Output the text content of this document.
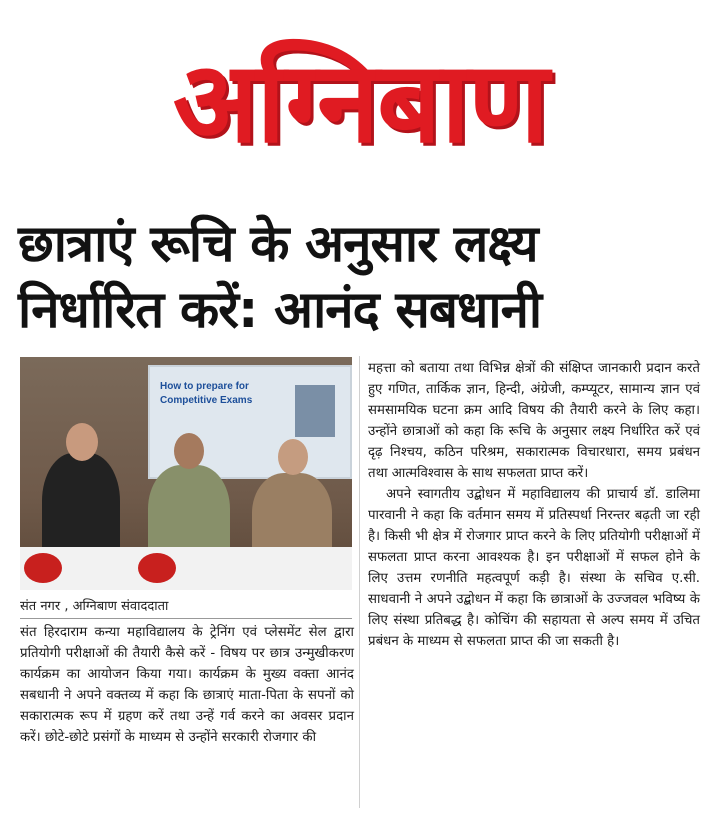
अग्निबाण
छात्राएं रूचि के अनुसार लक्ष्य
निर्धारित करें: आनंद सबधानी
How to prepare for
Competitive Exams
संत नगर , अग्निबाण संवाददाता

संत हिरदाराम कन्या महाविद्यालय के ट्रेनिंग एवं प्लेसमेंट सेल द्वारा प्रतियोगी परीक्षाओं की तैयारी कैसे करें - विषय पर छात्र उन्मुखीकरण कार्यक्रम का आयोजन किया गया। कार्यक्रम के मुख्य वक्ता आनंद सबधानी ने अपने वक्तव्य में कहा कि छात्राएं माता-पिता के सपनों को सकारात्मक रूप में ग्रहण करें तथा उन्हें गर्व करने का अवसर प्रदान करें। छोटे-छोटे प्रसंगों के माध्यम से उन्होंने सरकारी रोजगार की

महत्ता को बताया तथा विभिन्न क्षेत्रों की संक्षिप्त जानकारी प्रदान करते हुए गणित, तार्किक ज्ञान, हिन्दी, अंग्रेजी, कम्प्यूटर, सामान्य ज्ञान एवं समसामयिक घटना क्रम आदि विषय की तैयारी करने के लिए कहा। उन्होंने छात्राओं को कहा कि रूचि के अनुसार लक्ष्य निर्धारित करें एवं दृढ़ निश्चय, कठिन परिश्रम, सकारात्मक विचारधारा, समय प्रबंधन तथा आत्मविश्वास के साथ सफलता प्राप्त करें।

अपने स्वागतीय उद्बोधन में महाविद्यालय की प्राचार्य डॉ. डालिमा पारवानी ने कहा कि वर्तमान समय में प्रतिस्पर्धा निरन्तर बढ़ती जा रही है। किसी भी क्षेत्र में रोजगार प्राप्त करने के लिए प्रतियोगी परीक्षाओं में सफलता प्राप्त करना आवश्यक है। इन परीक्षाओं में सफल होने के लिए उत्तम रणनीति महत्वपूर्ण कड़ी है। संस्था के सचिव ए.सी. साधवानी ने अपने उद्बोधन में कहा कि छात्राओं के उज्जवल भविष्य के लिए संस्था प्रतिबद्ध है। कोचिंग की सहायता से अल्प समय में उचित प्रबंधन के माध्यम से सफलता प्राप्त की जा सकती है।
